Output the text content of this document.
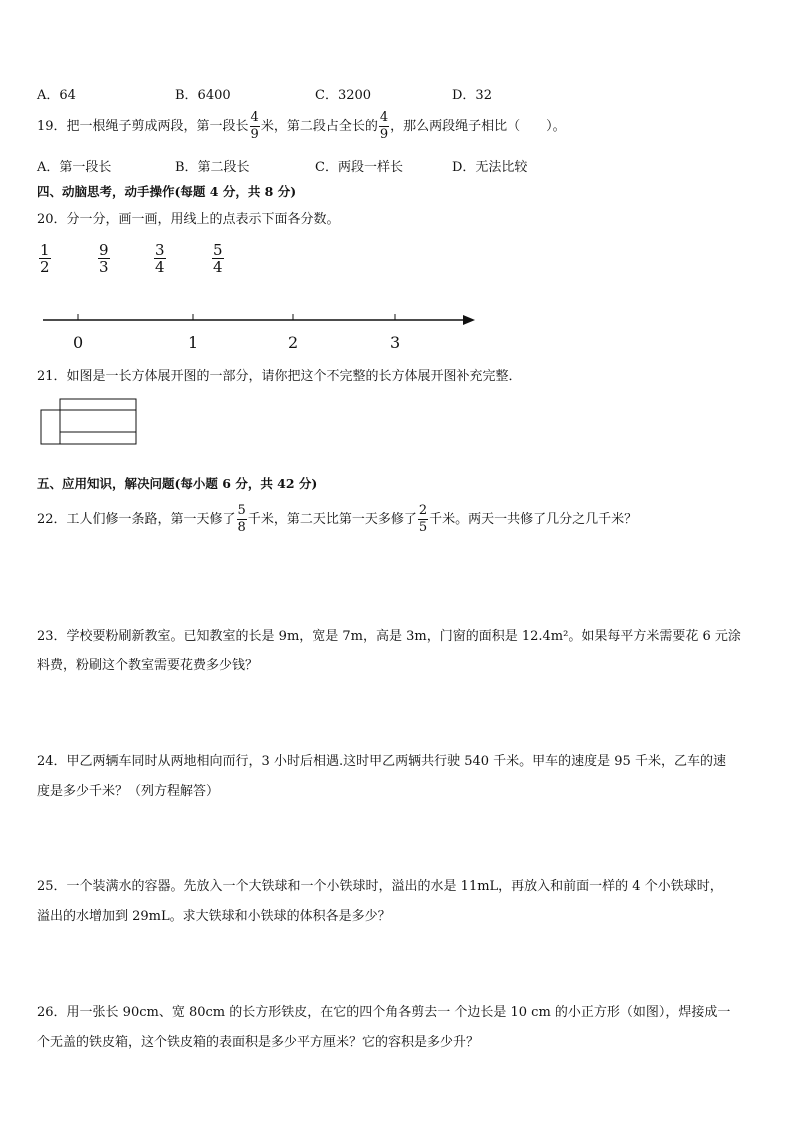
A．64	B．6400	C．3200	D．32
19．把一根绳子剪成两段，第一段长 $\frac{4}{9}$ 米，第二段占全长的 $\frac{4}{9}$ ，那么两段绳子相比（　　）。
A．第一段长	B．第二段长	C．两段一样长	D．无法比较
四、动脑思考，动手操作(每题 4 分，共 8 分)
20．分一分，画一画，用线上的点表示下面各分数。
$\frac{1}{2}$	$\frac{9}{3}$	$\frac{3}{4}$	$\frac{5}{4}$
0	1	2	3
21．如图是一长方体展开图的一部分，请你把这个不完整的长方体展开图补充完整．
五、应用知识，解决问题(每小题 6 分，共 42 分)
22．工人们修一条路，第一天修了 $\frac{5}{8}$ 千米，第二天比第一天多修了 $\frac{2}{5}$ 千米。两天一共修了几分之几千米？
23．学校要粉刷新教室。已知教室的长是 9m，宽是 7m，高是 3m，门窗的面积是 12.4m²。如果每平方米需要花 6 元涂
料费，粉刷这个教室需要花费多少钱？
24．甲乙两辆车同时从两地相向而行，3 小时后相遇.这时甲乙两辆共行驶 540 千米。甲车的速度是 95 千米，乙车的速
度是多少千米？（列方程解答）
25．一个装满水的容器。先放入一个大铁球和一个小铁球时，溢出的水是 11mL，再放入和前面一样的 4 个小铁球时，
溢出的水增加到 29mL。求大铁球和小铁球的体积各是多少？
26．用一张长 90cm、宽 80cm 的长方形铁皮，在它的四个角各剪去一 个边长是 10 cm 的小正方形（如图），焊接成一
个无盖的铁皮箱，这个铁皮箱的表面积是多少平方厘米？它的容积是多少升？
